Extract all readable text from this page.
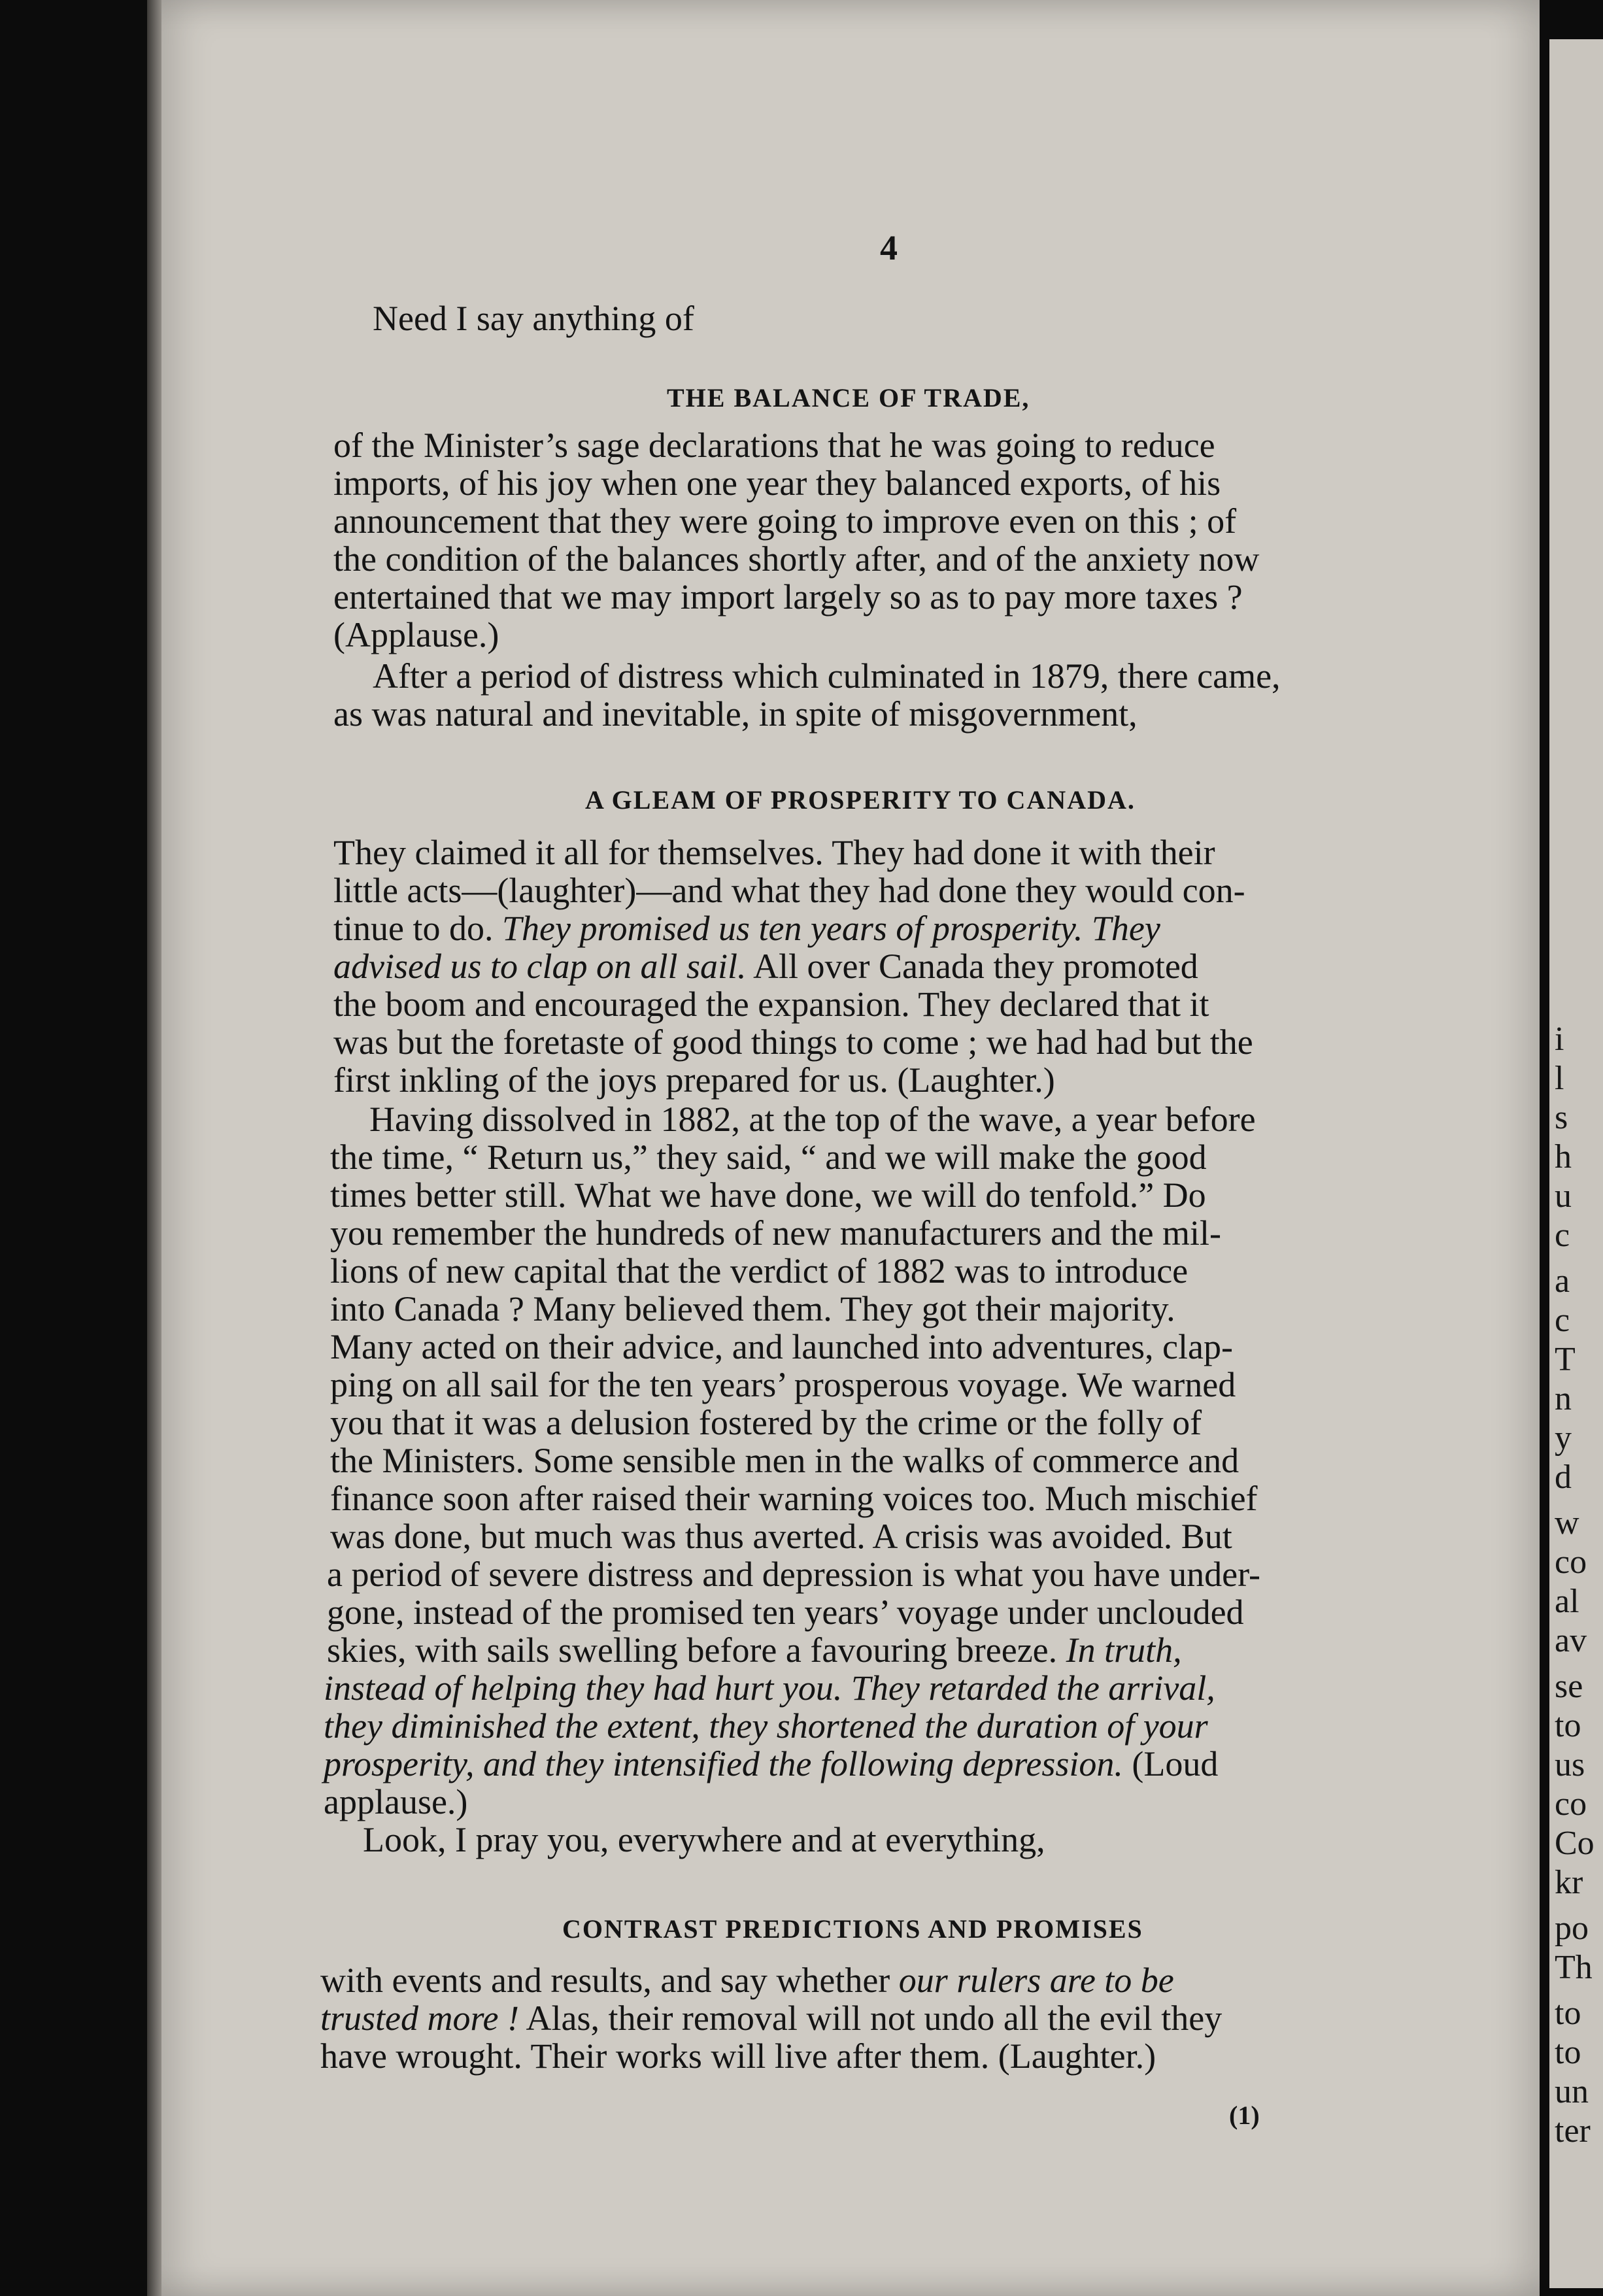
i
l
s
h
u
c
a
c
T
n
y
d
w
co
al
av
se
to
us
co
Co
kr
po
Th
to
to
un
ter
4
Need I say anything of
THE BALANCE OF TRADE,
of the Minister’s sage declarations that he was going to reduce
imports, of his joy when one year they balanced exports, of his
announcement that they were going to improve even on this ; of
the condition of the balances shortly after, and of the anxiety now
entertained that we may import largely so as to pay more taxes ?
(Applause.)
After a period of distress which culminated in 1879, there came,
as was natural and inevitable, in spite of misgovernment,
A GLEAM OF PROSPERITY TO CANADA.
They claimed it all for themselves. They had done it with their
little acts—(laughter)—and what they had done they would con-
tinue to do. They promised us ten years of prosperity. They
advised us to clap on all sail. All over Canada they promoted
the boom and encouraged the expansion. They declared that it
was but the foretaste of good things to come ; we had had but the
first inkling of the joys prepared for us. (Laughter.)
Having dissolved in 1882, at the top of the wave, a year before
the time, “ Return us,” they said, “ and we will make the good
times better still. What we have done, we will do tenfold.” Do
you remember the hundreds of new manufacturers and the mil-
lions of new capital that the verdict of 1882 was to introduce
into Canada ? Many believed them. They got their majority.
Many acted on their advice, and launched into adventures, clap-
ping on all sail for the ten years’ prosperous voyage. We warned
you that it was a delusion fostered by the crime or the folly of
the Ministers. Some sensible men in the walks of commerce and
finance soon after raised their warning voices too. Much mischief
was done, but much was thus averted. A crisis was avoided. But
a period of severe distress and depression is what you have under-
gone, instead of the promised ten years’ voyage under unclouded
skies, with sails swelling before a favouring breeze. In truth,
instead of helping they had hurt you. They retarded the arrival,
they diminished the extent, they shortened the duration of your
prosperity, and they intensified the following depression. (Loud
applause.)
Look, I pray you, everywhere and at everything,
CONTRAST PREDICTIONS AND PROMISES
with events and results, and say whether our rulers are to be
trusted more ! Alas, their removal will not undo all the evil they
have wrought. Their works will live after them. (Laughter.)
(1)
